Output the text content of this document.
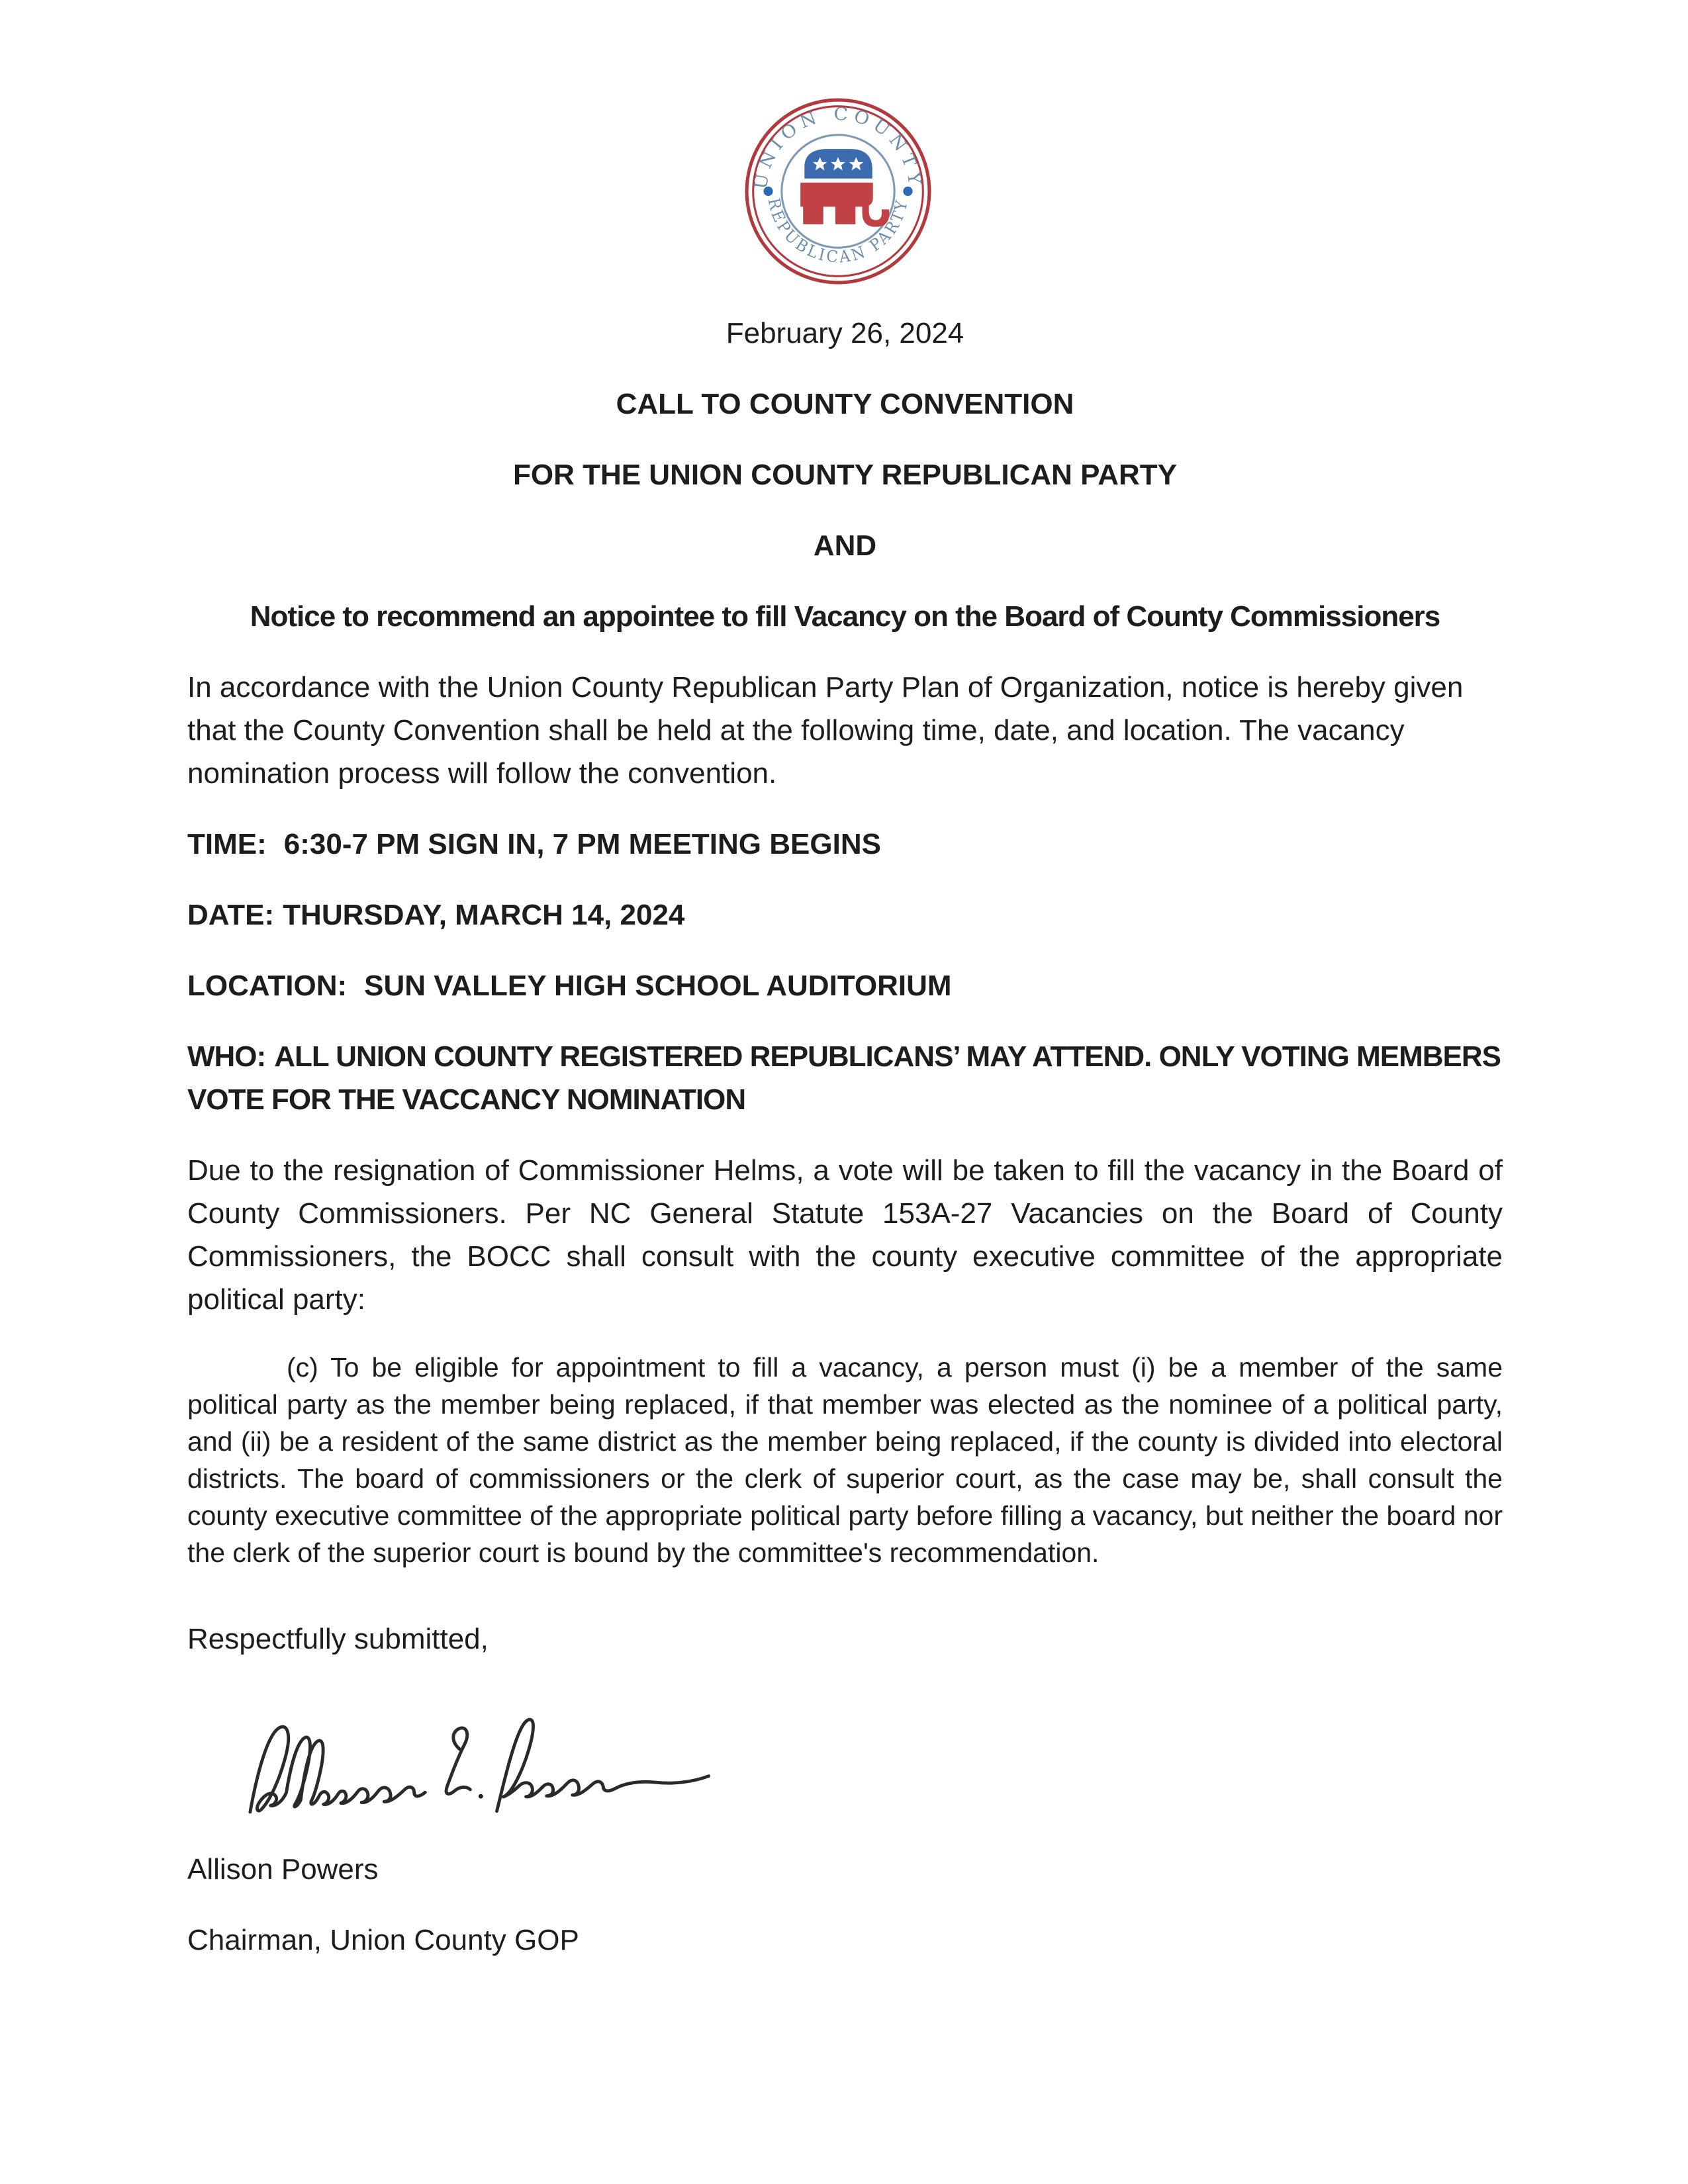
UNION COUNTY
REPUBLICAN PARTY

February 26, 2024

CALL TO COUNTY CONVENTION

FOR THE UNION COUNTY REPUBLICAN PARTY

AND

Notice to recommend an appointee to fill Vacancy on the Board of County Commissioners

In accordance with the Union County Republican Party Plan of Organization, notice is hereby given that the County Convention shall be held at the following time, date, and location. The vacancy nomination process will follow the convention.

TIME: 6:30-7 PM SIGN IN, 7 PM MEETING BEGINS

DATE: THURSDAY, MARCH 14, 2024

LOCATION: SUN VALLEY HIGH SCHOOL AUDITORIUM

WHO: ALL UNION COUNTY REGISTERED REPUBLICANS’ MAY ATTEND. ONLY VOTING MEMBERS VOTE FOR THE VACCANCY NOMINATION

Due to the resignation of Commissioner Helms, a vote will be taken to fill the vacancy in the Board of County Commissioners. Per NC General Statute 153A-27 Vacancies on the Board of County Commissioners, the BOCC shall consult with the county executive committee of the appropriate political party:

(c) To be eligible for appointment to fill a vacancy, a person must (i) be a member of the same political party as the member being replaced, if that member was elected as the nominee of a political party, and (ii) be a resident of the same district as the member being replaced, if the county is divided into electoral districts. The board of commissioners or the clerk of superior court, as the case may be, shall consult the county executive committee of the appropriate political party before filling a vacancy, but neither the board nor the clerk of the superior court is bound by the committee's recommendation.

Respectfully submitted,

Allison Powers

Chairman, Union County GOP
